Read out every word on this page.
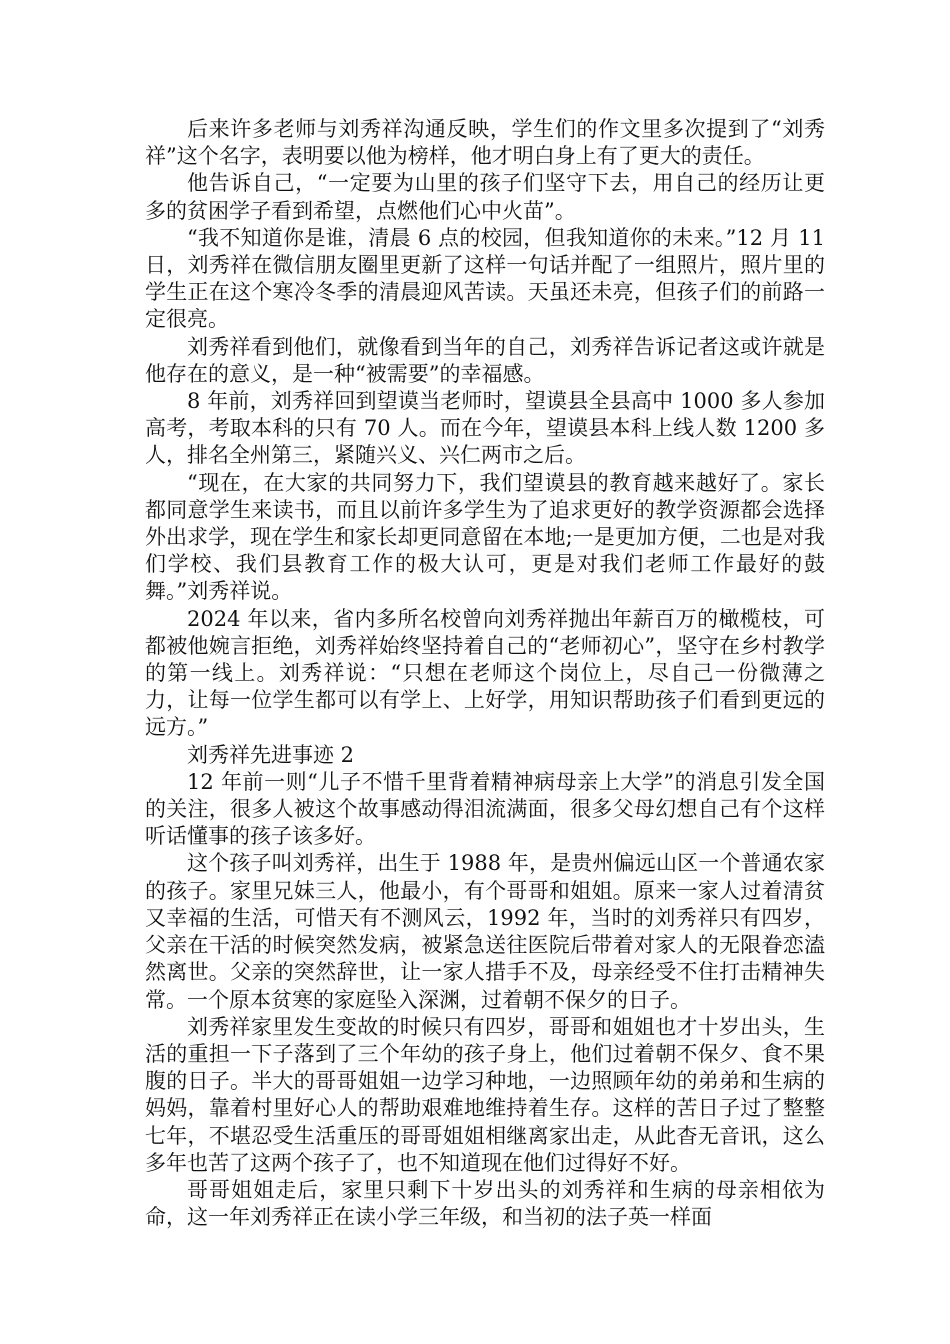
后来许多老师与刘秀祥沟通反映，学生们的作文里多次提到了“刘秀祥”这个名字，表明要以他为榜样，他才明白身上有了更大的责任。

他告诉自己，“一定要为山里的孩子们坚守下去，用自己的经历让更多的贫困学子看到希望，点燃他们心中火苗”。

“我不知道你是谁，清晨 6 点的校园，但我知道你的未来。”12 月 11 日，刘秀祥在微信朋友圈里更新了这样一句话并配了一组照片，照片里的学生正在这个寒冷冬季的清晨迎风苦读。天虽还未亮，但孩子们的前路一定很亮。

刘秀祥看到他们，就像看到当年的自己，刘秀祥告诉记者这或许就是他存在的意义，是一种“被需要”的幸福感。

8 年前，刘秀祥回到望谟当老师时，望谟县全县高中 1000 多人参加高考，考取本科的只有 70 人。而在今年，望谟县本科上线人数 1200 多人，排名全州第三，紧随兴义、兴仁两市之后。

“现在，在大家的共同努力下，我们望谟县的教育越来越好了。家长都同意学生来读书，而且以前许多学生为了追求更好的教学资源都会选择外出求学，现在学生和家长却更同意留在本地;一是更加方便，二也是对我们学校、我们县教育工作的极大认可，更是对我们老师工作最好的鼓舞。”刘秀祥说。

2024 年以来，省内多所名校曾向刘秀祥抛出年薪百万的橄榄枝，可都被他婉言拒绝，刘秀祥始终坚持着自己的“老师初心”，坚守在乡村教学的第一线上。刘秀祥说：“只想在老师这个岗位上，尽自己一份微薄之力，让每一位学生都可以有学上、上好学，用知识帮助孩子们看到更远的远方。”

刘秀祥先进事迹 2

12 年前一则“儿子不惜千里背着精神病母亲上大学”的消息引发全国的关注，很多人被这个故事感动得泪流满面，很多父母幻想自己有个这样听话懂事的孩子该多好。

这个孩子叫刘秀祥，出生于 1988 年，是贵州偏远山区一个普通农家的孩子。家里兄妹三人，他最小，有个哥哥和姐姐。原来一家人过着清贫又幸福的生活，可惜天有不测风云，1992 年，当时的刘秀祥只有四岁，父亲在干活的时候突然发病，被紧急送往医院后带着对家人的无限眷恋溘然离世。父亲的突然辞世，让一家人措手不及，母亲经受不住打击精神失常。一个原本贫寒的家庭坠入深渊，过着朝不保夕的日子。

刘秀祥家里发生变故的时候只有四岁，哥哥和姐姐也才十岁出头，生活的重担一下子落到了三个年幼的孩子身上，他们过着朝不保夕、食不果腹的日子。半大的哥哥姐姐一边学习种地，一边照顾年幼的弟弟和生病的妈妈，靠着村里好心人的帮助艰难地维持着生存。这样的苦日子过了整整七年，不堪忍受生活重压的哥哥姐姐相继离家出走，从此杳无音讯，这么多年也苦了这两个孩子了，也不知道现在他们过得好不好。

哥哥姐姐走后，家里只剩下十岁出头的刘秀祥和生病的母亲相依为命，这一年刘秀祥正在读小学三年级，和当初的法子英一样面
